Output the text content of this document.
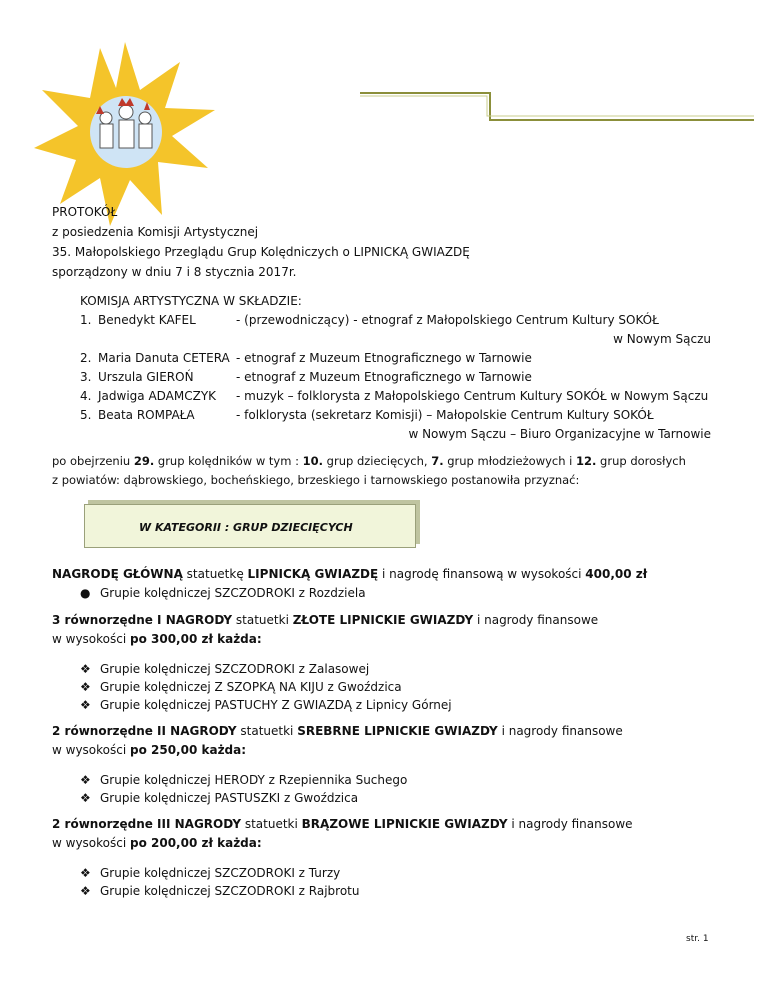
PROTOKÓŁ
z posiedzenia Komisji Artystycznej
35. Małopolskiego Przeglądu Grup Kolędniczych o LIPNICKĄ GWIAZDĘ
sporządzony w dniu 7 i 8 stycznia 2017r.
KOMISJA ARTYSTYCZNA W SKŁADZIE:
1. Benedykt KAFEL	- (przewodniczący) - etnograf z Małopolskiego Centrum Kultury SOKÓŁ
w Nowym Sączu
2. Maria Danuta CETERA - etnograf z Muzeum Etnograficznego w Tarnowie
3. Urszula GIEROŃ	- etnograf z Muzeum Etnograficznego w Tarnowie
4. Jadwiga ADAMCZYK - muzyk – folklorysta z Małopolskiego Centrum Kultury SOKÓŁ w Nowym Sączu
5. Beata ROMPAŁA	- folklorysta (sekretarz Komisji) – Małopolskie Centrum Kultury SOKÓŁ
w Nowym Sączu – Biuro Organizacyjne w Tarnowie
po obejrzeniu 29. grup kolędników w tym : 10. grup dziecięcych, 7. grup młodzieżowych i 12. grup dorosłych
z powiatów: dąbrowskiego, bocheńskiego, brzeskiego i tarnowskiego postanowiła przyznać:
W KATEGORII : GRUP DZIECIĘCYCH
NAGRODĘ GŁÓWNĄ statuetkę LIPNICKĄ GWIAZDĘ i nagrodę finansową w wysokości 400,00 zł
● Grupie kolędniczej SZCZODROKI z Rozdziela
3 równorzędne I NAGRODY statuetki ZŁOTE LIPNICKIE GWIAZDY i nagrody finansowe
w wysokości po 300,00 zł każda:
❖ Grupie kolędniczej SZCZODROKI z Zalasowej
❖ Grupie kolędniczej Z SZOPKĄ NA KIJU z Gwoździca
❖ Grupie kolędniczej PASTUCHY Z GWIAZDĄ z Lipnicy Górnej
2 równorzędne II NAGRODY statuetki SREBRNE LIPNICKIE GWIAZDY i nagrody finansowe
w wysokości po 250,00 każda:
❖ Grupie kolędniczej HERODY z Rzepiennika Suchego
❖ Grupie kolędniczej PASTUSZKI z Gwoździca
2 równorzędne III NAGRODY statuetki BRĄZOWE LIPNICKIE GWIAZDY i nagrody finansowe
w wysokości po 200,00 zł każda:
❖ Grupie kolędniczej SZCZODROKI z Turzy
❖ Grupie kolędniczej SZCZODROKI z Rajbrotu
str. 1
